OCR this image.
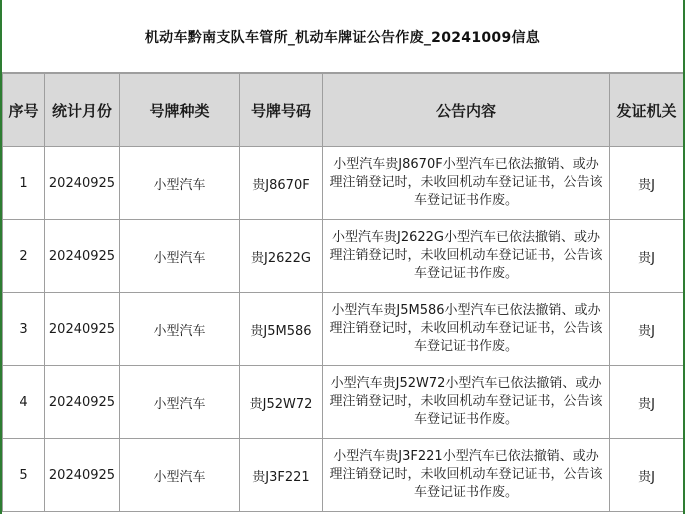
机动车黔南支队车管所_机动车牌证公告作废_20241009信息
序号	统计月份	号牌种类	号牌号码	公告内容	发证机关
1	20240925	小型汽车	贵J8670F	小型汽车贵J8670F小型汽车已依法撤销、或办理注销登记时，未收回机动车登记证书，公告该车登记证书作废。	贵J
2	20240925	小型汽车	贵J2622G	小型汽车贵J2622G小型汽车已依法撤销、或办理注销登记时，未收回机动车登记证书，公告该车登记证书作废。	贵J
3	20240925	小型汽车	贵J5M586	小型汽车贵J5M586小型汽车已依法撤销、或办理注销登记时，未收回机动车登记证书，公告该车登记证书作废。	贵J
4	20240925	小型汽车	贵J52W72	小型汽车贵J52W72小型汽车已依法撤销、或办理注销登记时，未收回机动车登记证书，公告该车登记证书作废。	贵J
5	20240925	小型汽车	贵J3F221	小型汽车贵J3F221小型汽车已依法撤销、或办理注销登记时，未收回机动车登记证书，公告该车登记证书作废。	贵J
